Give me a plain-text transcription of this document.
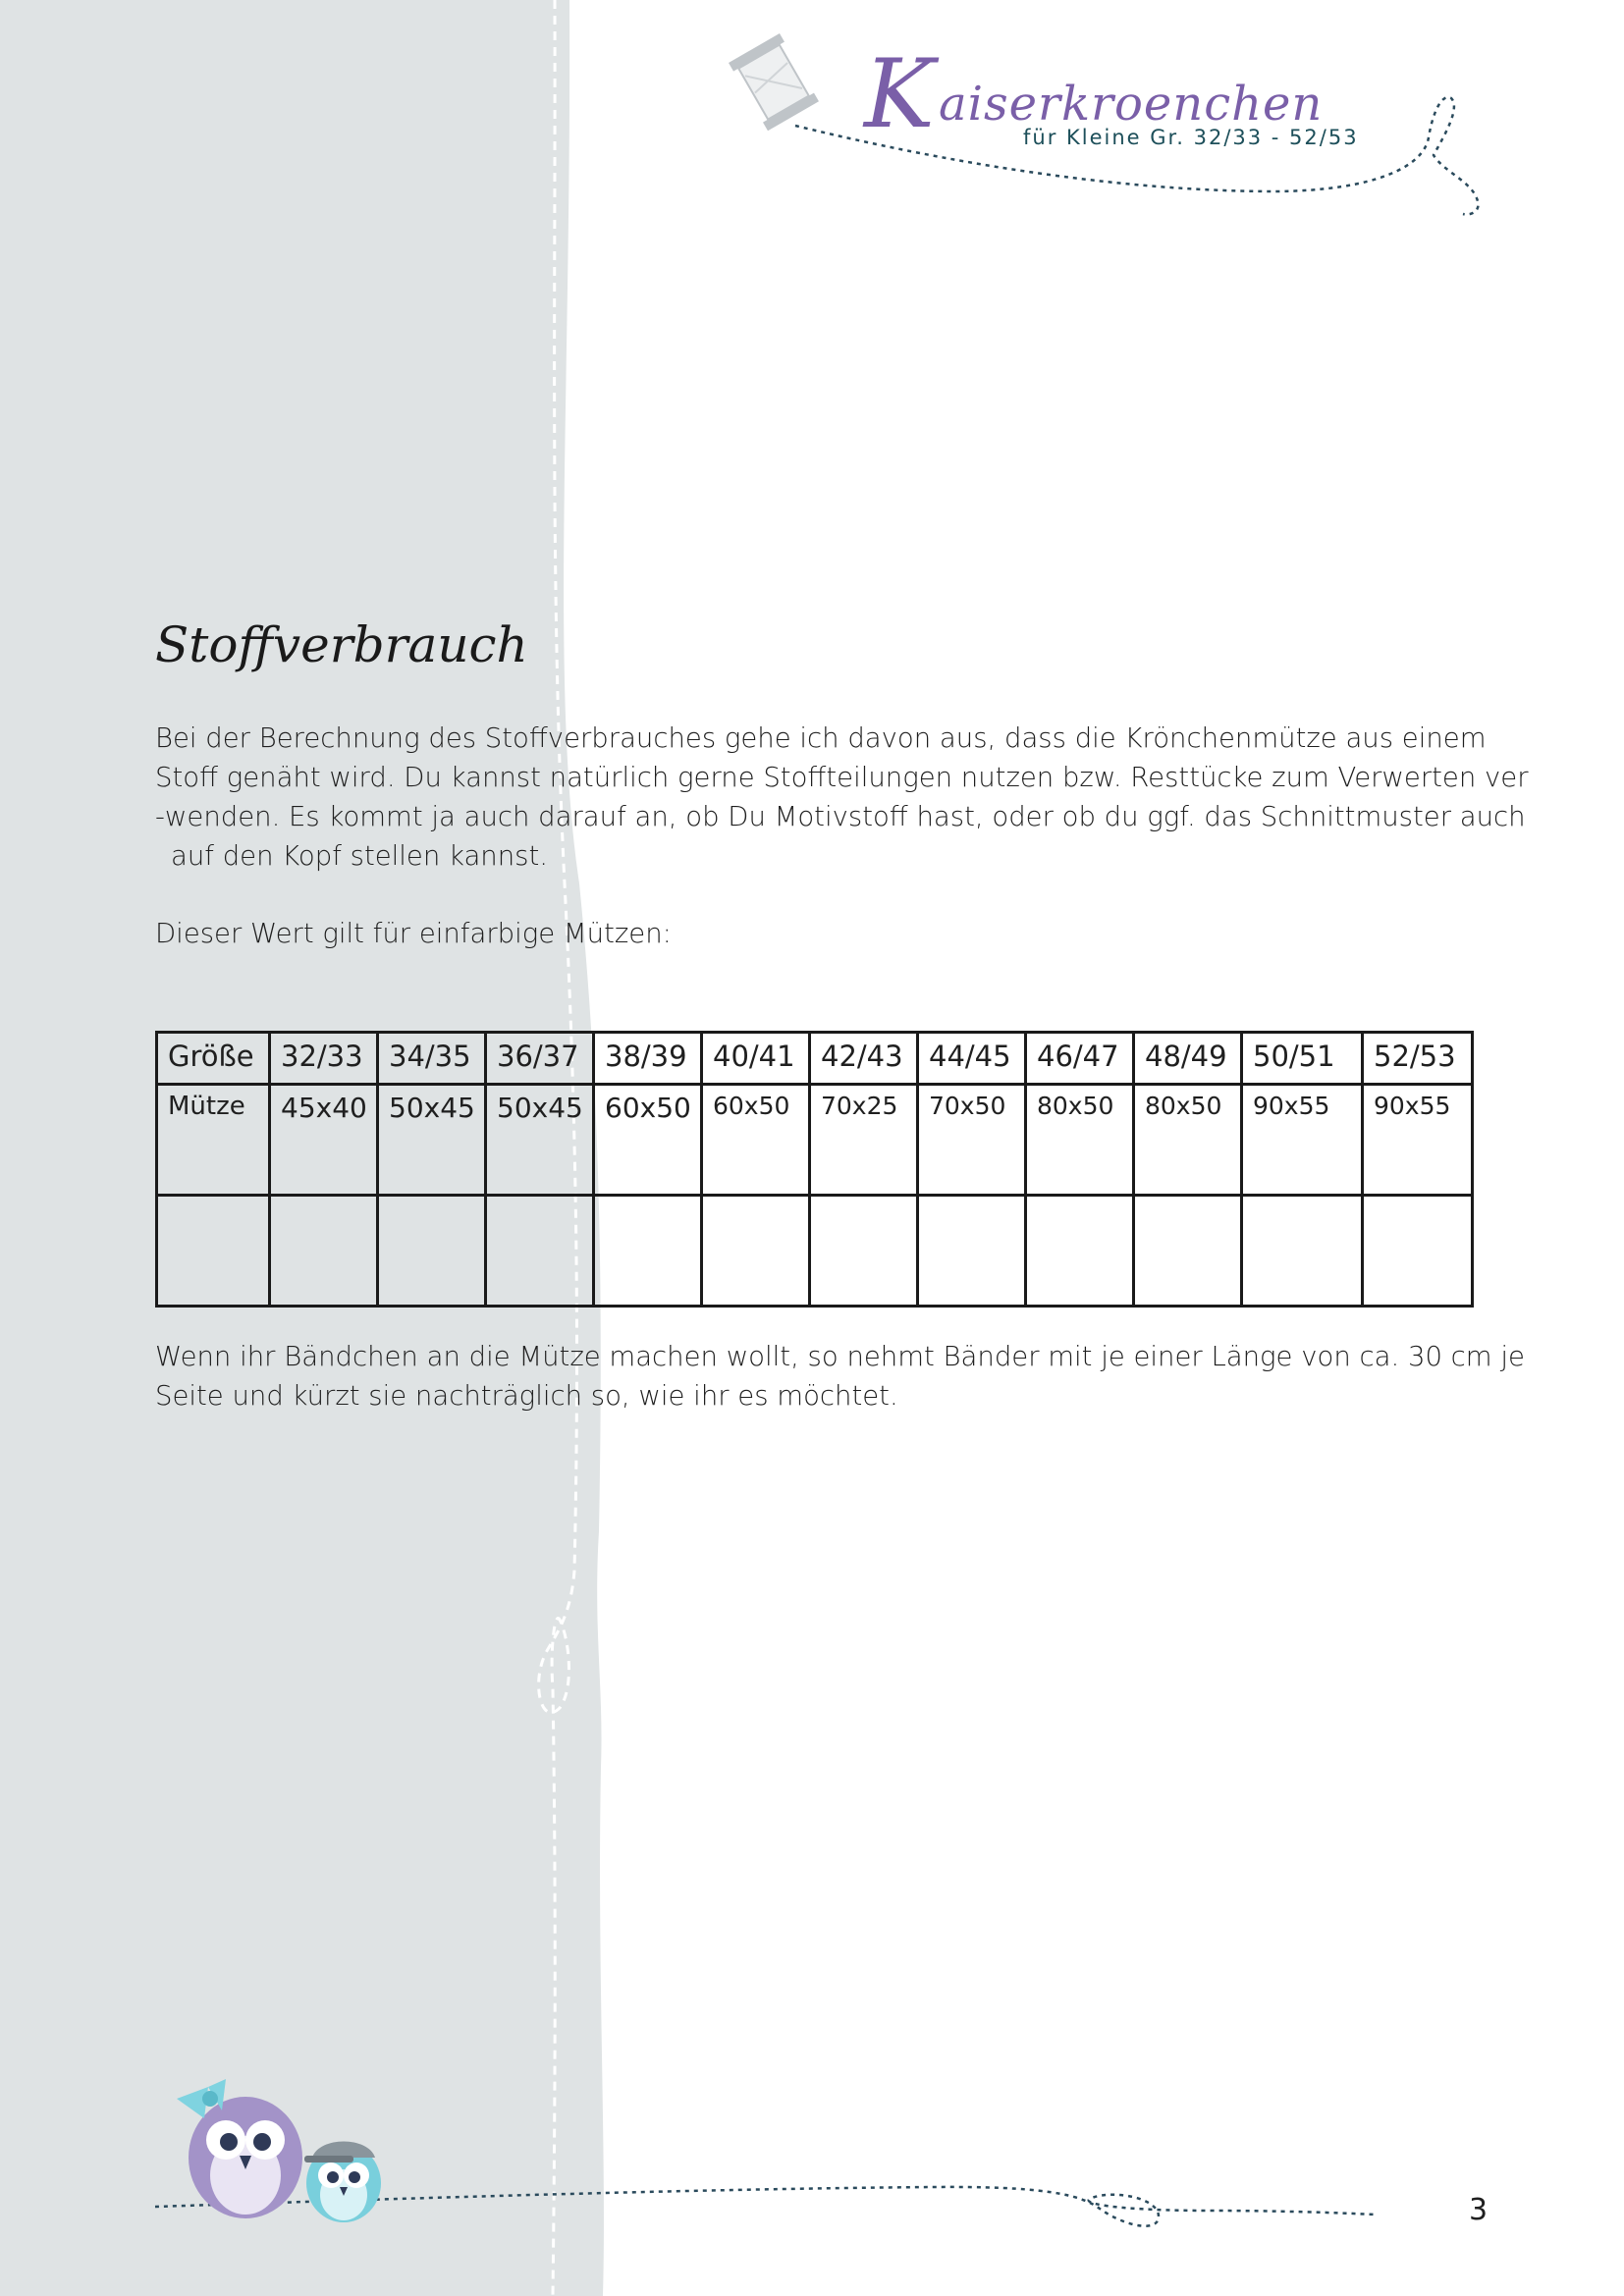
K aiserkroenchen
für Kleine Gr. 32/33 - 52/53
Stoffverbrauch

Bei der Berechnung des Stoffverbrauches gehe ich davon aus, dass die Krönchenmütze aus einem

Stoff genäht wird. Du kannst natürlich gerne Stoffteilungen nutzen bzw. Resttücke zum Verwerten ver

-wenden. Es kommt ja auch darauf an, ob Du Motivstoff hast, oder ob du ggf. das Schnittmuster auch

auf den Kopf stellen kannst.

Dieser Wert gilt für einfarbige Mützen:

Größe	32/33	34/35	36/37	38/39	40/41	42/43	44/45	46/47	48/49	50/51	52/53
Mütze	45x40	50x45	50x45	60x50	60x50	70x25	70x50	80x50	80x50	90x55	90x55

Wenn ihr Bändchen an die Mütze machen wollt, so nehmt Bänder mit je einer Länge von ca. 30 cm je

Seite und kürzt sie nachträglich so, wie ihr es möchtet.

3
